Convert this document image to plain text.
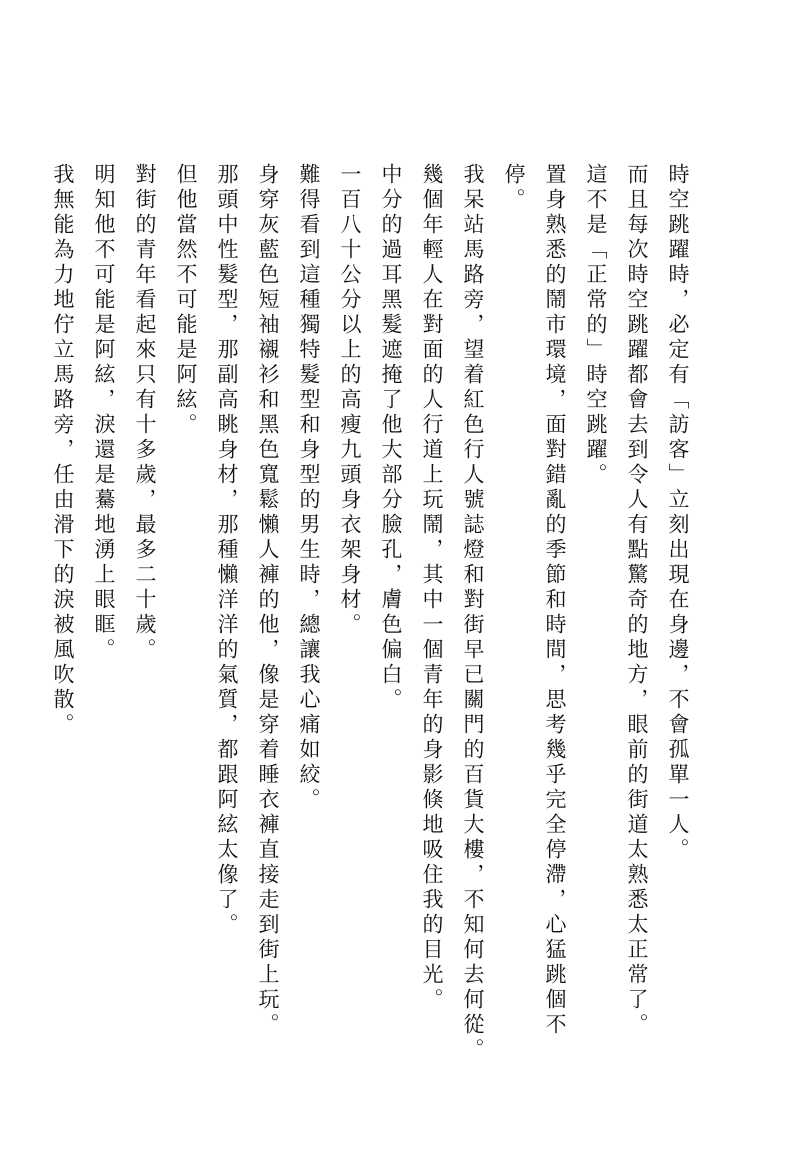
時空跳躍時，必定有「訪客」立刻出現在身邊，不會孤單一人。

而且每次時空跳躍都會去到令人有點驚奇的地方，眼前的街道太熟悉太正常了。

這不是「正常的」時空跳躍。

置身熟悉的鬧市環境，面對錯亂的季節和時間，思考幾乎完全停滯，心猛跳個不停。

我呆站馬路旁，望着紅色行人號誌燈和對街早已關門的百貨大樓，不知何去何從。

幾個年輕人在對面的人行道上玩鬧，其中一個青年的身影倏地吸住我的目光。

中分的過耳黑髮遮掩了他大部分臉孔，膚色偏白。

一百八十公分以上的高瘦九頭身衣架身材。

難得看到這種獨特髮型和身型的男生時，總讓我心痛如絞。

身穿灰藍色短袖襯衫和黑色寬鬆懶人褲的他，像是穿着睡衣褲直接走到街上玩。

那頭中性髮型，那副高眺身材，那種懶洋洋的氣質，都跟阿絃太像了。

但他當然不可能是阿絃。

對街的青年看起來只有十多歲，最多二十歲。

明知他不可能是阿絃，淚還是驀地湧上眼眶。

我無能為力地佇立馬路旁，任由滑下的淚被風吹散。
